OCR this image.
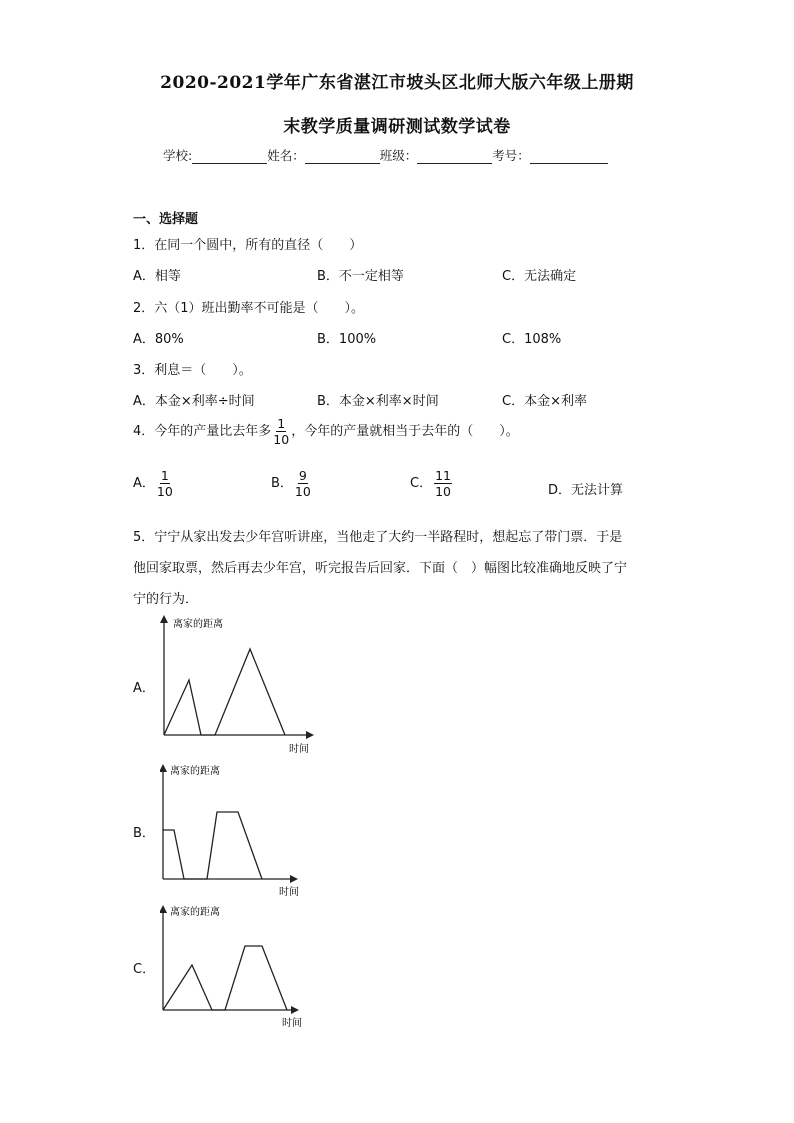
2020-2021学年广东省湛江市坡头区北师大版六年级上册期
末教学质量调研测试数学试卷
学校:	姓名：	班级：	考号：
一、选择题
1．在同一个圆中，所有的直径（　　）
A．相等	B．不一定相等	C．无法确定
2．六（1）班出勤率不可能是（　　）。
A．80%	B．100%	C．108%
3．利息＝（　　）。
A．本金×利率÷时间	B．本金×利率×时间	C．本金×利率
4．今年的产量比去年多 $\frac{1}{10}$ ，今年的产量就相当于去年的（　　）。
A． $\frac{1}{10}$	B． $\frac{9}{10}$	C． $\frac{11}{10}$	D．无法计算
5．宁宁从家出发去少年宫听讲座，当他走了大约一半路程时，想起忘了带门票．于是
他回家取票，然后再去少年宫，听完报告后回家．下面（　）幅图比较准确地反映了宁
宁的行为．
A．
离家的距离
时间
B．
离家的距离
时间
C．
离家的距离
时间
